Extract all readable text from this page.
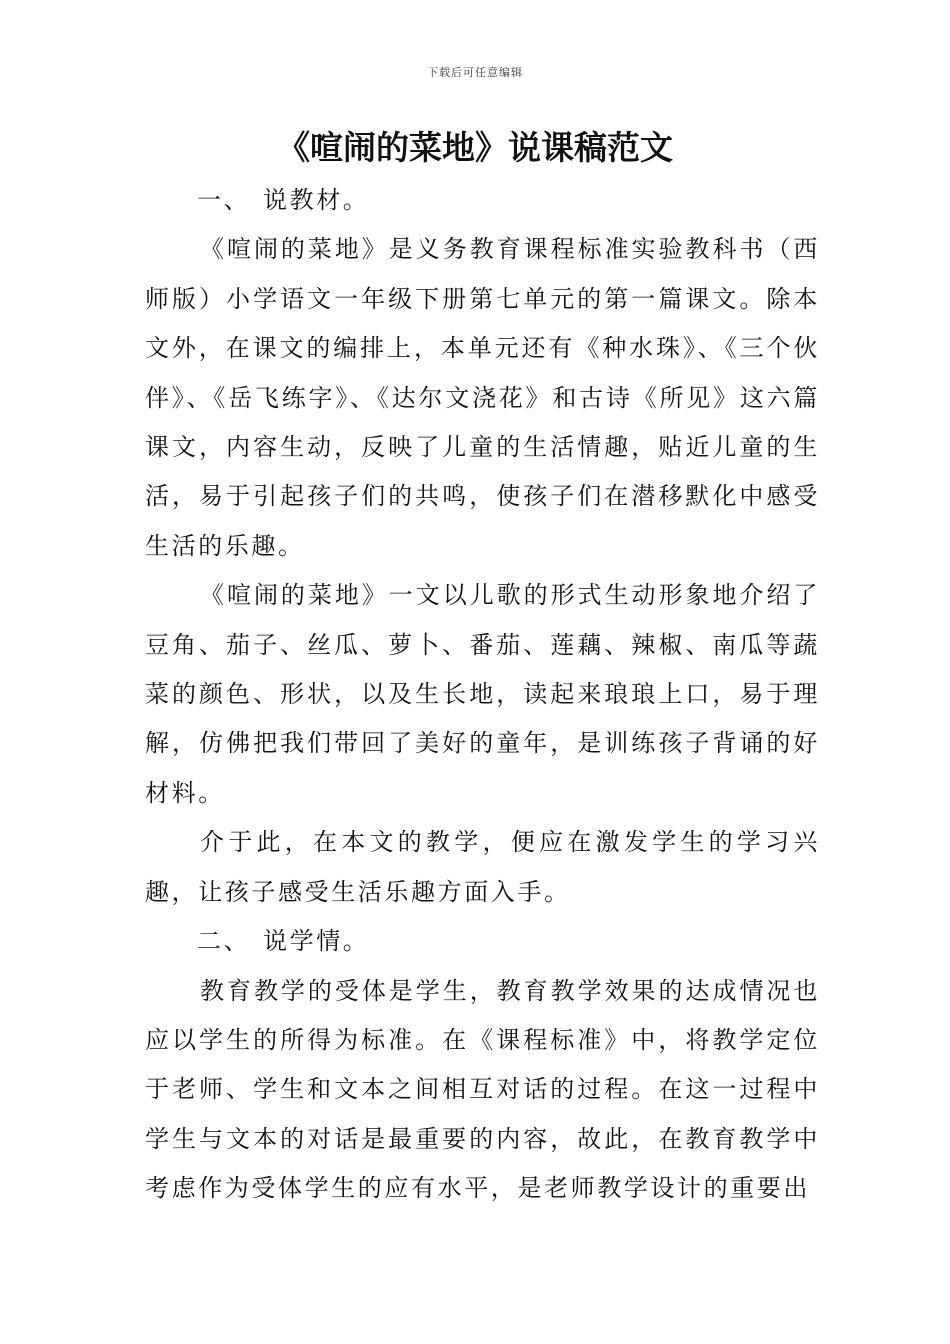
下载后可任意编辑
《喧闹的菜地》说课稿范文
一、 说教材。

《喧闹的菜地》是义务教育课程标准实验教科书（西师版）小学语文一年级下册第七单元的第一篇课文。除本文外，在课文的编排上，本单元还有《种水珠》、《三个伙伴》、《岳飞练字》、《达尔文浇花》和古诗《所见》这六篇课文，内容生动，反映了儿童的生活情趣，贴近儿童的生活，易于引起孩子们的共鸣，使孩子们在潜移默化中感受生活的乐趣。

《喧闹的菜地》一文以儿歌的形式生动形象地介绍了豆角、茄子、丝瓜、萝卜、番茄、莲藕、辣椒、南瓜等蔬菜的颜色、形状，以及生长地，读起来琅琅上口，易于理解，仿佛把我们带回了美好的童年，是训练孩子背诵的好材料。

介于此，在本文的教学，便应在激发学生的学习兴趣，让孩子感受生活乐趣方面入手。

二、 说学情。

教育教学的受体是学生，教育教学效果的达成情况也应以学生的所得为标准。在《课程标准》中，将教学定位于老师、学生和文本之间相互对话的过程。在这一过程中学生与文本的对话是最重要的内容，故此，在教育教学中考虑作为受体学生的应有水平，是老师教学设计的重要出
